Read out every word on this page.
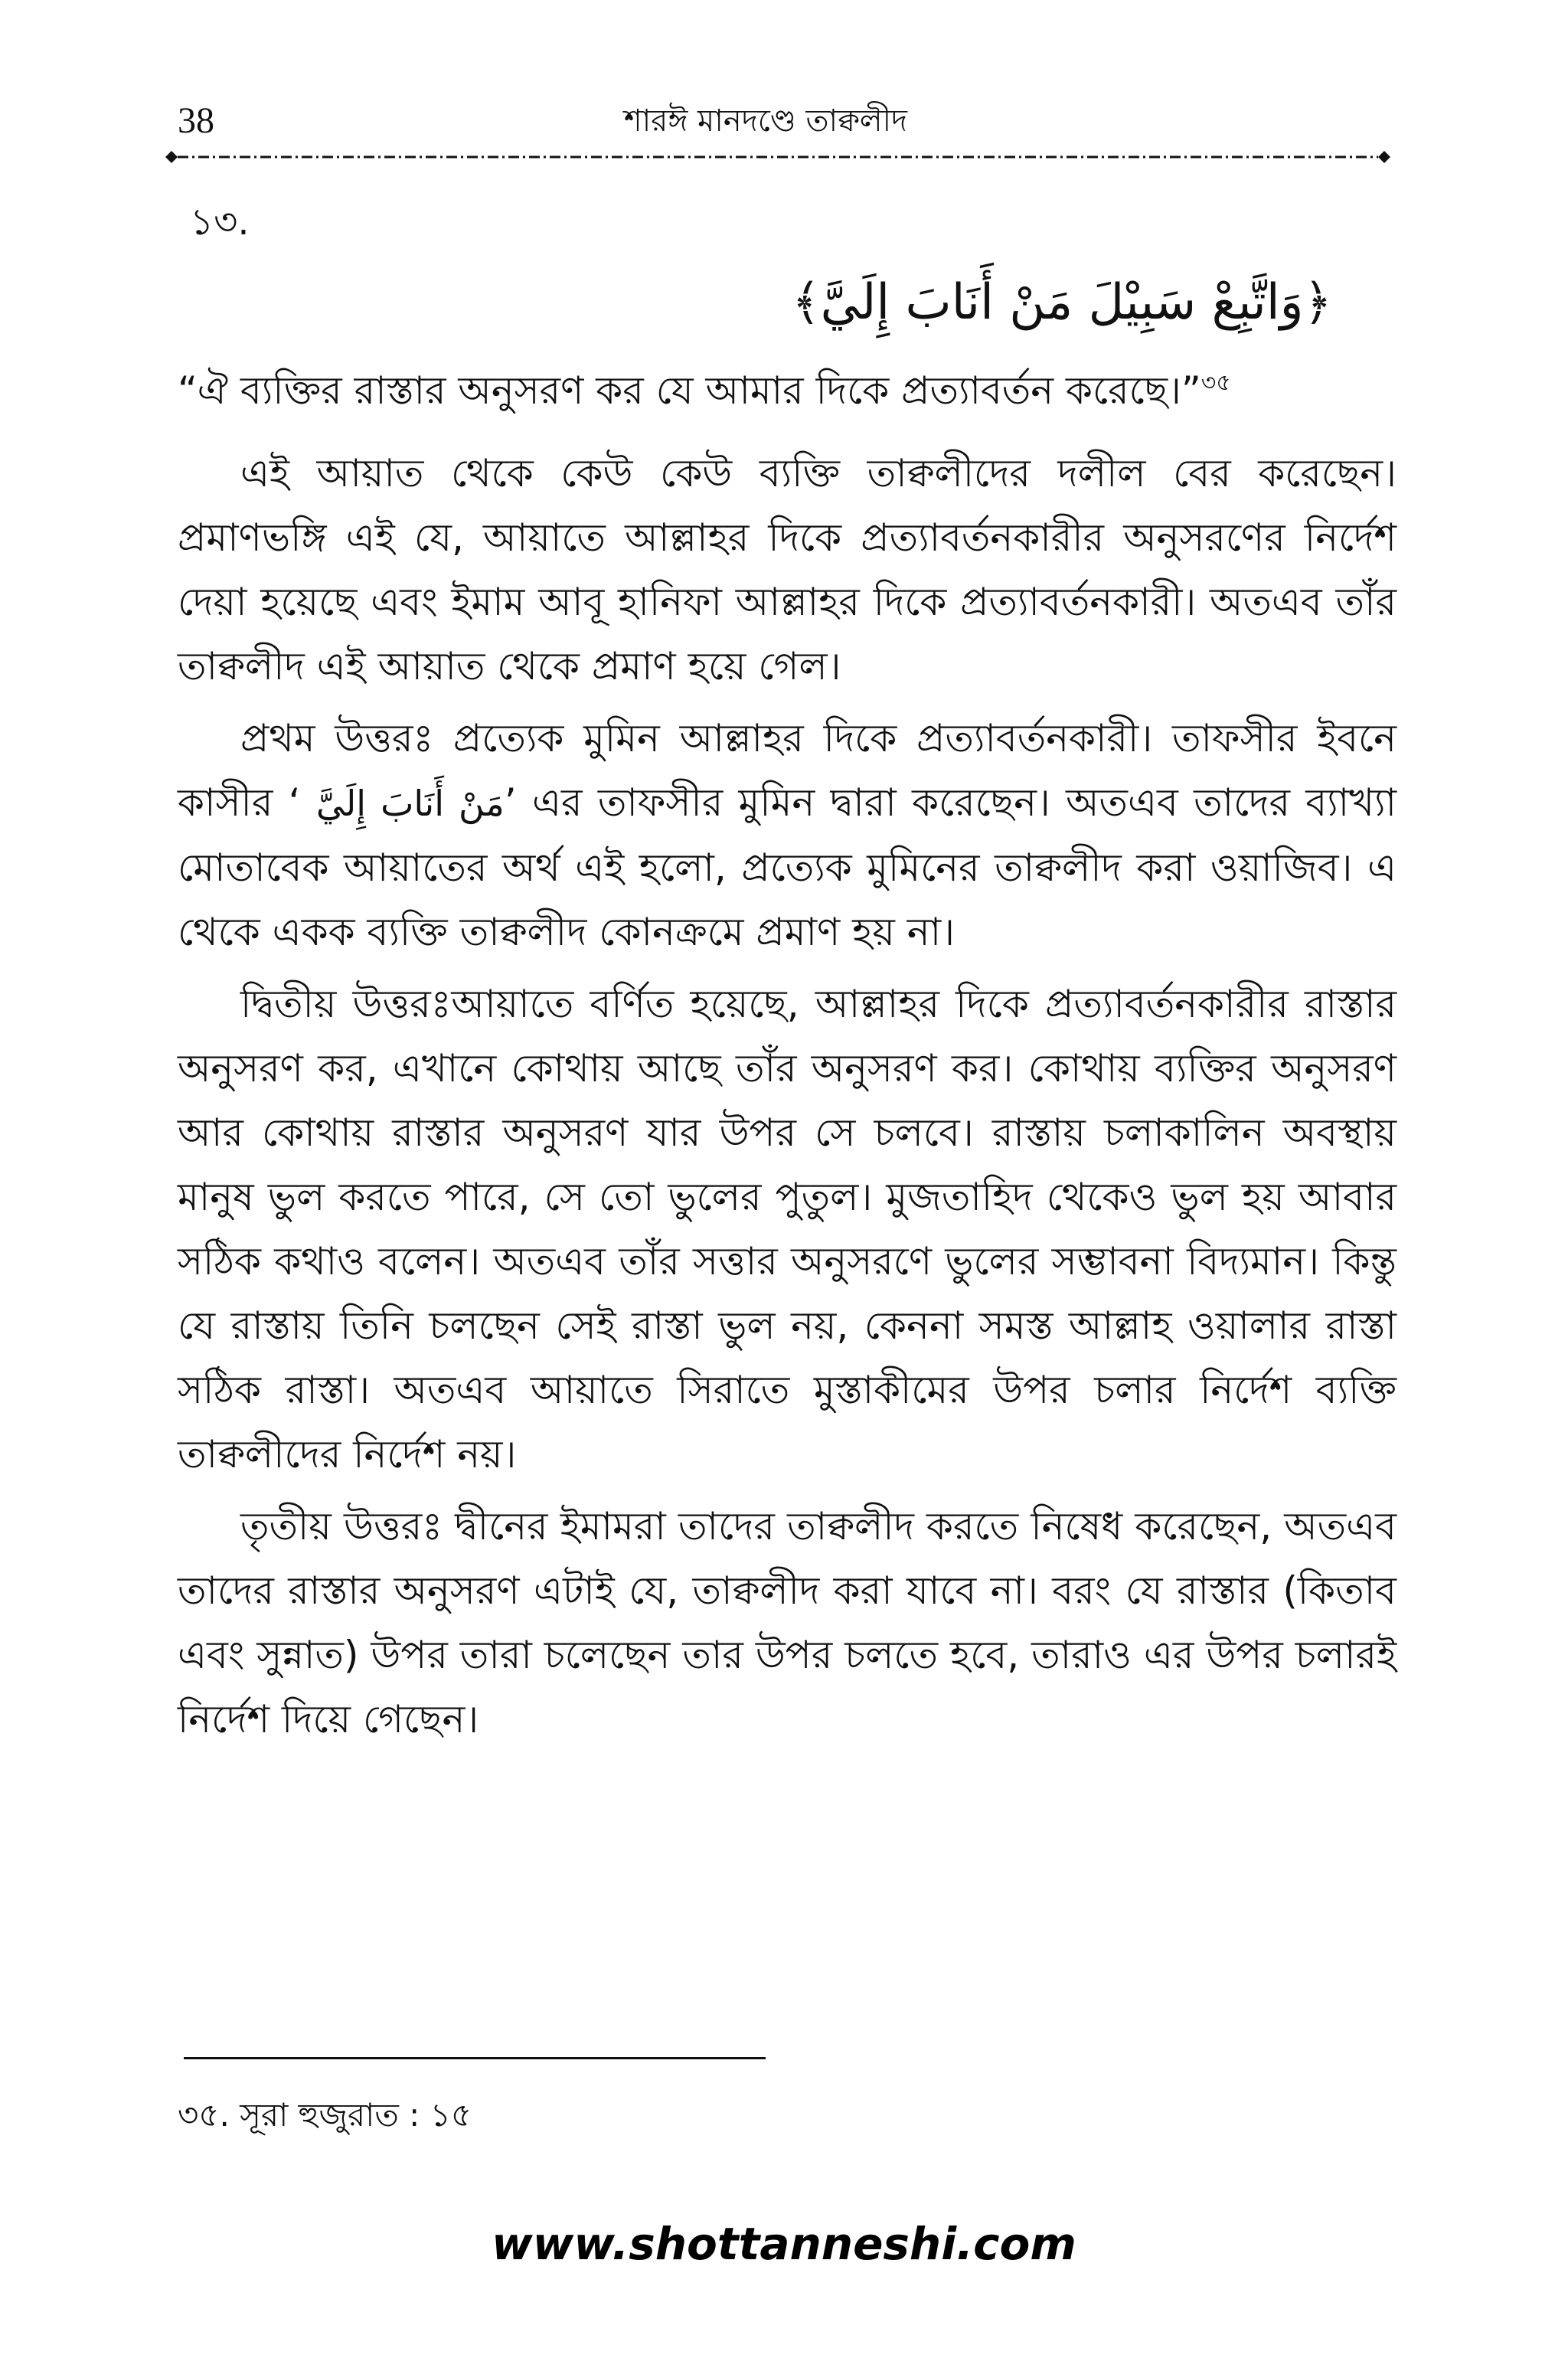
38	শারঈ মানদণ্ডে তাক্বলীদ
১৩.
﴿وَاتَّبِعْ سَبِيْلَ مَنْ أَنَابَ إِلَيَّ﴾

“ঐ ব্যক্তির রাস্তার অনুসরণ কর যে আমার দিকে প্রত্যাবর্তন করেছে।”$^{৩৫}$

এই আয়াত থেকে কেউ কেউ ব্যক্তি তাক্বলীদের দলীল বের করেছেন। প্রমাণভঙ্গি এই যে, আয়াতে আল্লাহর দিকে প্রত্যাবর্তনকারীর অনুসরণের নির্দেশ দেয়া হয়েছে এবং ইমাম আবূ হানিফা আল্লাহর দিকে প্রত্যাবর্তনকারী। অতএব তাঁর তাক্বলীদ এই আয়াত থেকে প্রমাণ হয়ে গেল।

প্রথম উত্তরঃ প্রত্যেক মুমিন আল্লাহর দিকে প্রত্যাবর্তনকারী। তাফসীর ইবনে কাসীর ‘ مَنْ أَنَابَ إِلَيَّ’ এর তাফসীর মুমিন দ্বারা করেছেন। অতএব তাদের ব্যাখ্যা মোতাবেক আয়াতের অর্থ এই হলো, প্রত্যেক মুমিনের তাক্বলীদ করা ওয়াজিব। এ থেকে একক ব্যক্তি তাক্বলীদ কোনক্রমে প্রমাণ হয় না।

দ্বিতীয় উত্তরঃআয়াতে বর্ণিত হয়েছে, আল্লাহর দিকে প্রত্যাবর্তনকারীর রাস্তার অনুসরণ কর, এখানে কোথায় আছে তাঁর অনুসরণ কর। কোথায় ব্যক্তির অনুসরণ আর কোথায় রাস্তার অনুসরণ যার উপর সে চলবে। রাস্তায় চলাকালিন অবস্থায় মানুষ ভুল করতে পারে, সে তো ভুলের পুতুল। মুজতাহিদ থেকেও ভুল হয় আবার সঠিক কথাও বলেন। অতএব তাঁর সত্তার অনুসরণে ভুলের সম্ভাবনা বিদ্যমান। কিন্তু যে রাস্তায় তিনি চলছেন সেই রাস্তা ভুল নয়, কেননা সমস্ত আল্লাহ ওয়ালার রাস্তা সঠিক রাস্তা। অতএব আয়াতে সিরাতে মুস্তাকীমের উপর চলার নির্দেশ ব্যক্তি তাক্বলীদের নির্দেশ নয়।

তৃতীয় উত্তরঃ দ্বীনের ইমামরা তাদের তাক্বলীদ করতে নিষেধ করেছেন, অতএব তাদের রাস্তার অনুসরণ এটাই যে, তাক্বলীদ করা যাবে না। বরং যে রাস্তার (কিতাব এবং সুন্নাত) উপর তারা চলেছেন তার উপর চলতে হবে, তারাও এর উপর চলারই নির্দেশ দিয়ে গেছেন।

৩৫. সূরা হুজুরাত : ১৫
www.shottanneshi.com
